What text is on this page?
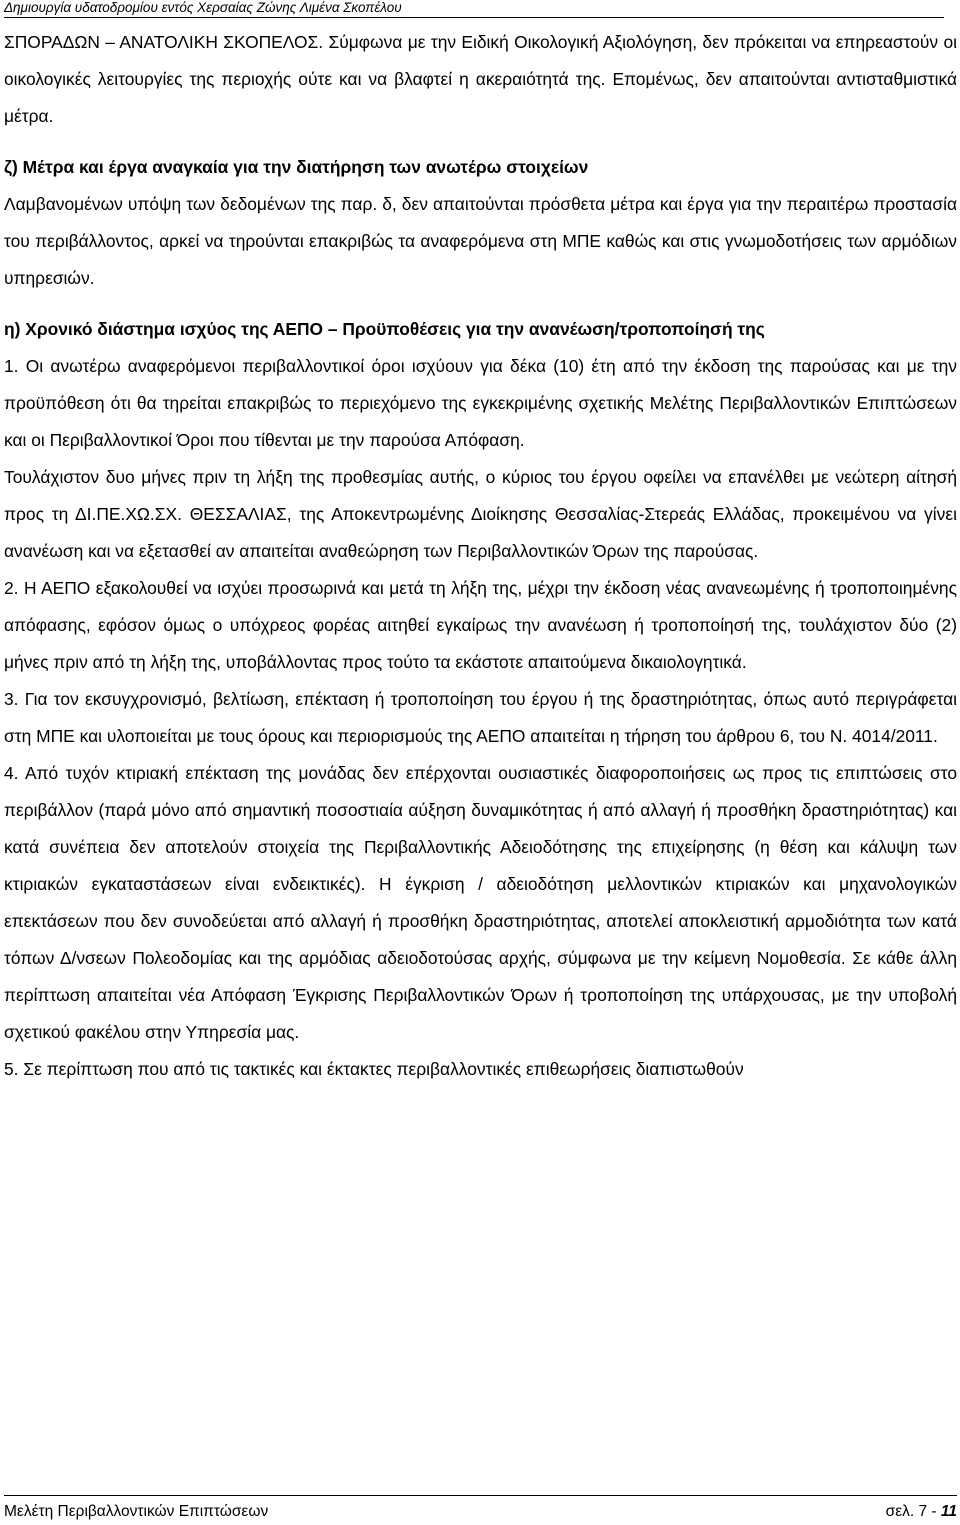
Δημιουργία υδατοδρομίου εντός Χερσαίας Ζώνης Λιμένα Σκοπέλου

ΣΠΟΡΑΔΩΝ – ΑΝΑΤΟΛΙΚΗ ΣΚΟΠΕΛΟΣ. Σύμφωνα με την Ειδική Οικολογική Αξιολόγηση, δεν πρόκειται να επηρεαστούν οι οικολογικές λειτουργίες της περιοχής ούτε και να βλαφτεί η ακεραιότητά της. Επομένως, δεν απαιτούνται αντισταθμιστικά μέτρα.

ζ) Μέτρα και έργα αναγκαία για την διατήρηση των ανωτέρω στοιχείων

Λαμβανομένων υπόψη των δεδομένων της παρ. δ, δεν απαιτούνται πρόσθετα μέτρα και έργα για την περαιτέρω προστασία του περιβάλλοντος, αρκεί να τηρούνται επακριβώς τα αναφερόμενα στη ΜΠΕ καθώς και στις γνωμοδοτήσεις των αρμόδιων υπηρεσιών.

η) Χρονικό διάστημα ισχύος της ΑΕΠΟ – Προϋποθέσεις για την ανανέωση/τροποποίησή της

1. Οι ανωτέρω αναφερόμενοι περιβαλλοντικοί όροι ισχύουν για δέκα (10) έτη από την έκδοση της παρούσας και με την προϋπόθεση ότι θα τηρείται επακριβώς το περιεχόμενο της εγκεκριμένης σχετικής Μελέτης Περιβαλλοντικών Επιπτώσεων και οι Περιβαλλοντικοί Όροι που τίθενται με την παρούσα Απόφαση.

Τουλάχιστον δυο μήνες πριν τη λήξη της προθεσμίας αυτής, ο κύριος του έργου οφείλει να επανέλθει με νεώτερη αίτησή προς τη ΔΙ.ΠΕ.ΧΩ.ΣΧ. ΘΕΣΣΑΛΙΑΣ, της Αποκεντρωμένης Διοίκησης Θεσσαλίας-Στερεάς Ελλάδας, προκειμένου να γίνει ανανέωση και να εξετασθεί αν απαιτείται αναθεώρηση των Περιβαλλοντικών Όρων της παρούσας.

2. Η ΑΕΠΟ εξακολουθεί να ισχύει προσωρινά και μετά τη λήξη της, μέχρι την έκδοση νέας ανανεωμένης ή τροποποιημένης απόφασης, εφόσον όμως ο υπόχρεος φορέας αιτηθεί εγκαίρως την ανανέωση ή τροποποίησή της, τουλάχιστον δύο (2) μήνες πριν από τη λήξη της, υποβάλλοντας προς τούτο τα εκάστοτε απαιτούμενα δικαιολογητικά.

3. Για τον εκσυγχρονισμό, βελτίωση, επέκταση ή τροποποίηση του έργου ή της δραστηριότητας, όπως αυτό περιγράφεται στη ΜΠΕ και υλοποιείται με τους όρους και περιορισμούς της ΑΕΠΟ απαιτείται η τήρηση του άρθρου 6, του Ν. 4014/2011.

4. Από τυχόν κτιριακή επέκταση της μονάδας δεν επέρχονται ουσιαστικές διαφοροποιήσεις ως προς τις επιπτώσεις στο περιβάλλον (παρά μόνο από σημαντική ποσοστιαία αύξηση δυναμικότητας ή από αλλαγή ή προσθήκη δραστηριότητας) και κατά συνέπεια δεν αποτελούν στοιχεία της Περιβαλλοντικής Αδειοδότησης της επιχείρησης (η θέση και κάλυψη των κτιριακών εγκαταστάσεων είναι ενδεικτικές). Η έγκριση / αδειοδότηση μελλοντικών κτιριακών και μηχανολογικών επεκτάσεων που δεν συνοδεύεται από αλλαγή ή προσθήκη δραστηριότητας, αποτελεί αποκλειστική αρμοδιότητα των κατά τόπων Δ/νσεων Πολεοδομίας και της αρμόδιας αδειοδοτούσας αρχής, σύμφωνα με την κείμενη Νομοθεσία. Σε κάθε άλλη περίπτωση απαιτείται νέα Απόφαση Έγκρισης Περιβαλλοντικών Όρων ή τροποποίηση της υπάρχουσας, με την υποβολή σχετικού φακέλου στην Υπηρεσία μας.

5. Σε περίπτωση που από τις τακτικές και έκτακτες περιβαλλοντικές επιθεωρήσεις διαπιστωθούν

Μελέτη Περιβαλλοντικών Επιπτώσεων	σελ. 7 - 11
